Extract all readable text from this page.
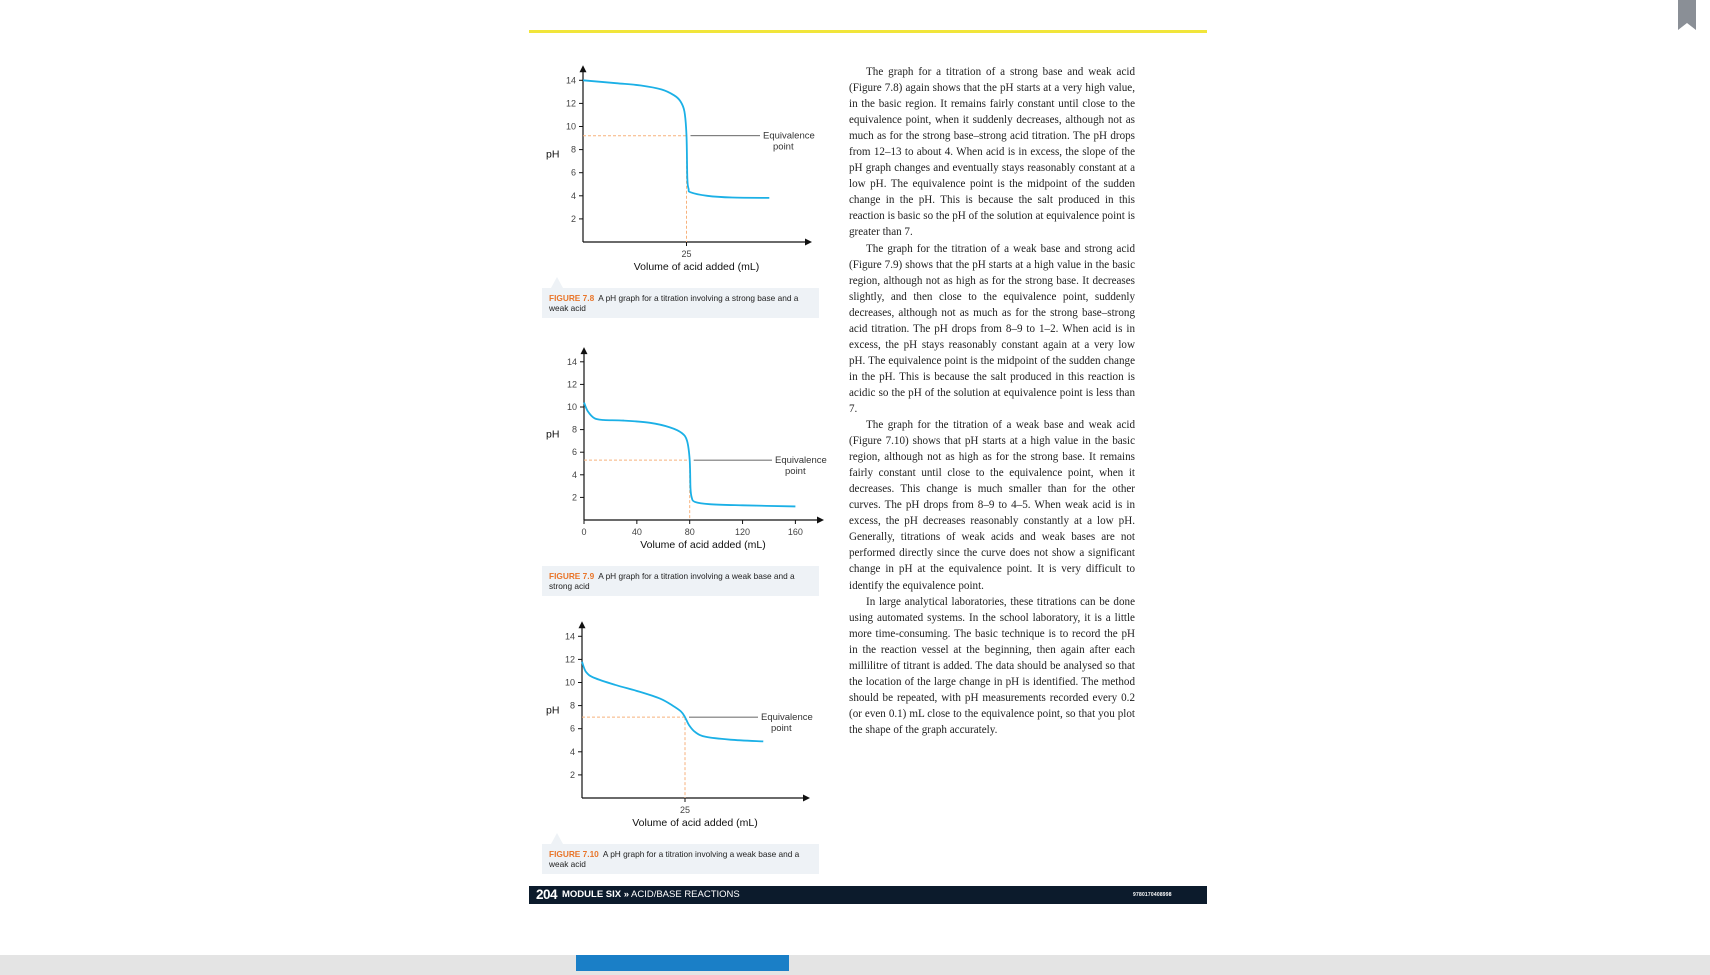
2
4
6
8
10
12
14
25
Volume of acid added (mL)
pH
Equivalence point
FIGURE 7.8 A pH graph for a titration involving a strong base and a weak acid
2
4
6
8
10
12
14
0	40	80	120	160
Volume of acid added (mL)
pH
Equivalence point
FIGURE 7.9 A pH graph for a titration involving a weak base and a strong acid
2
4
6
8
10
12
14
25
Volume of acid added (mL)
pH
Equivalence point
FIGURE 7.10 A pH graph for a titration involving a weak base and a weak acid

The graph for a titration of a strong base and weak acid (Figure 7.8) again shows that the pH starts at a very high value, in the basic region. It remains fairly constant until close to the equivalence point, when it suddenly decreases, although not as much as for the strong base–strong acid titration. The pH drops from 12–13 to about 4. When acid is in excess, the slope of the pH graph changes and eventually stays reasonably constant at a low pH. The equivalence point is the midpoint of the sudden change in the pH. This is because the salt produced in this reaction is basic so the pH of the solution at equivalence point is greater than 7.

The graph for the titration of a weak base and strong acid (Figure 7.9) shows that the pH starts at a high value in the basic region, although not as high as for the strong base. It decreases slightly, and then close to the equivalence point, suddenly decreases, although not as much as for the strong base–strong acid titration. The pH drops from 8–9 to 1–2. When acid is in excess, the pH stays reasonably constant again at a very low pH. The equivalence point is the midpoint of the sudden change in the pH. This is because the salt produced in this reaction is acidic so the pH of the solution at equivalence point is less than 7.

The graph for the titration of a weak base and weak acid (Figure 7.10) shows that pH starts at a high value in the basic region, although not as high as for the strong base. It remains fairly constant until close to the equivalence point, when it decreases. This change is much smaller than for the other curves. The pH drops from 8–9 to 4–5. When weak acid is in excess, the pH decreases reasonably constantly at a low pH. Generally, titrations of weak acids and weak bases are not performed directly since the curve does not show a significant change in pH at the equivalence point. It is very difficult to identify the equivalence point.

In large analytical laboratories, these titrations can be done using automated systems. In the school laboratory, it is a little more time-consuming. The basic technique is to record the pH in the reaction vessel at the beginning, then again after each millilitre of titrant is added. The data should be analysed so that the location of the large change in pH is identified. The method should be repeated, with pH measurements recorded every 0.2 (or even 0.1) mL close to the equivalence point, so that you plot the shape of the graph accurately.

204 MODULE SIX » ACID/BASE REACTIONS	9780170408998
